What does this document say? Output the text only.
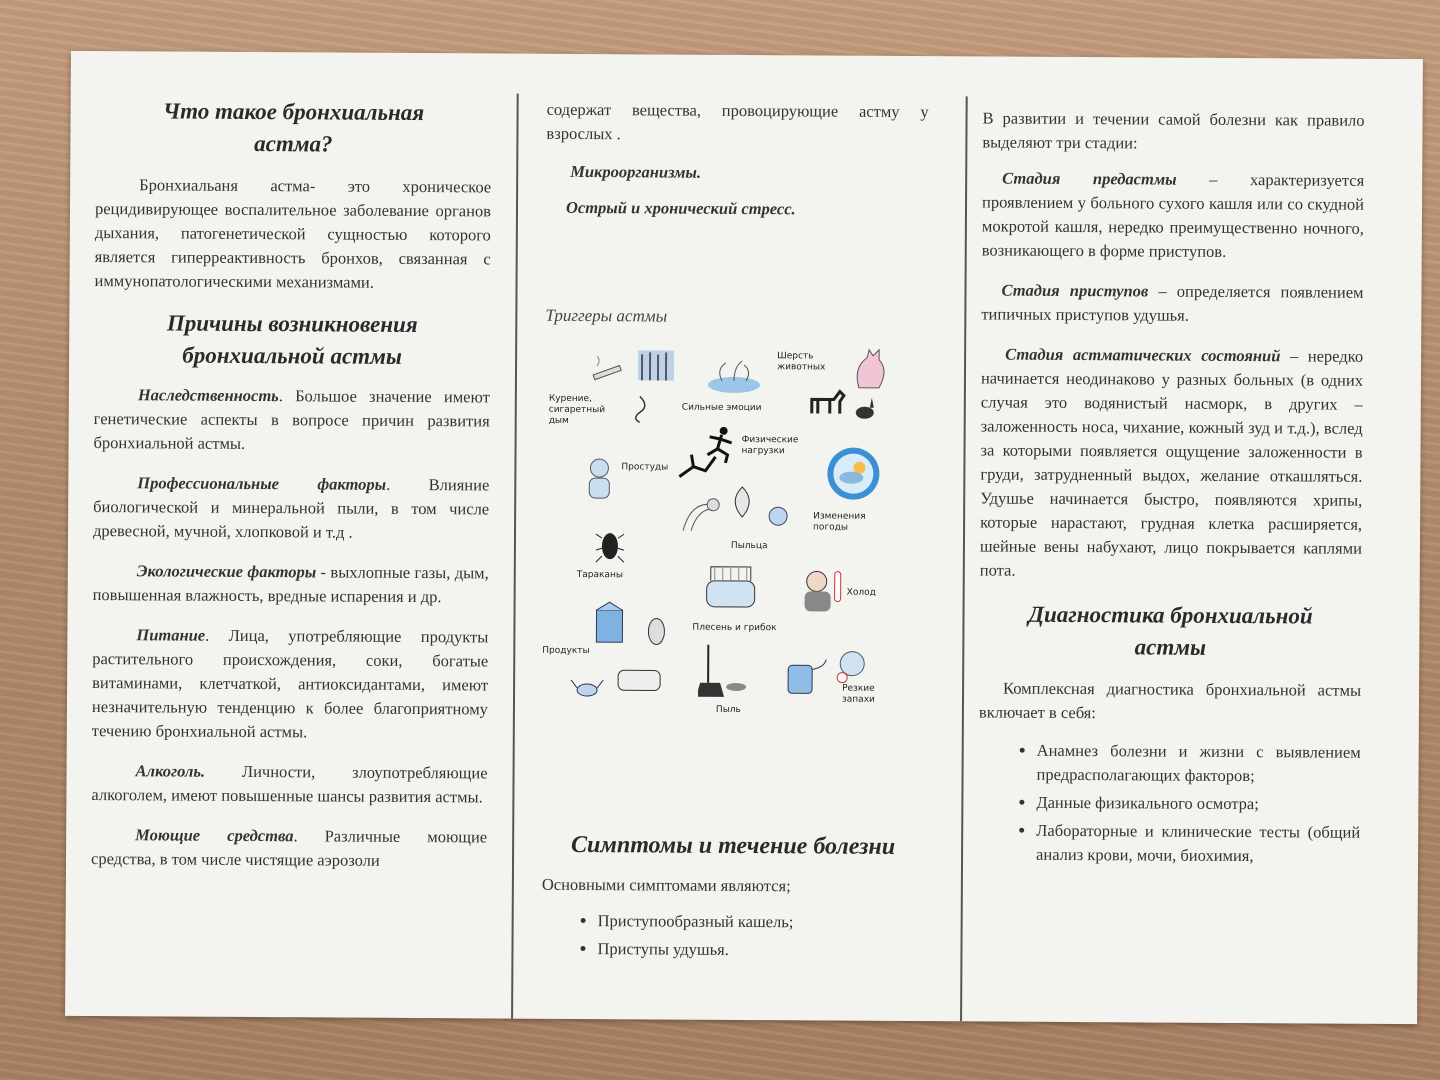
Что такое бронхиальная астма?

Бронхиальаня астма- это хроническое рецидивирующее воспалительное заболевание органов дыхания, патогенетической сущностью которого является гиперреактивность бронхов, связанная с иммунопатологическими механизмами.

Причины возникновения бронхиальной астмы

Наследственность. Большое значение имеют генетические аспекты в вопросе причин развития бронхиальной астмы.

Профессиональные факторы. Влияние биологической и минеральной пыли, в том числе древесной, мучной, хлопковой и т.д .

Экологические факторы - выхлопные газы, дым, повышенная влажность, вредные испарения и др.

Питание. Лица, употребляющие продукты растительного происхождения, соки, богатые витаминами, клетчаткой, антиоксидантами, имеют незначительную тенденцию к более благоприятному течению бронхиальной астмы.

Алкоголь. Личности, злоупотребляющие алкоголем, имеют повышенные шансы развития астмы.

Моющие средства. Различные моющие средства, в том числе чистящие аэрозоли

содержат вещества, провоцирующие астму у взрослых .

Микроорганизмы.

Острый и хронический стресс.

Триггеры астмы

Курение, сигаретный дым
Сильные эмоции
Шерсть животных
Физические нагрузки
Простуды
Изменения погоды
Пыльца
Тараканы
Плесень и грибок
Холод
Продукты
Пыль
Резкие запахи
Симптомы и течение болезни

Основными симптомами являются;

• Приступообразный кашель;
• Приступы удушья.

В развитии и течении самой болезни как правило выделяют три стадии:

Стадия предастмы – характеризуется проявлением у больного сухого кашля или со скудной мокротой кашля, нередко преимущественно ночного, возникающего в форме приступов.

Стадия приступов – определяется появлением типичных приступов удушья.

Стадия астматических состояний – нередко начинается неодинаково у разных больных (в одних случая это водянистый насморк, в других – заложенность носа, чихание, кожный зуд и т.д.), вслед за которыми появляется ощущение заложенности в груди, затрудненный выдох, желание откашляться. Удушье начинается быстро, появляются хрипы, которые нарастают, грудная клетка расширяется, шейные вены набухают, лицо покрывается каплями пота.

Диагностика бронхиальной астмы

Комплексная диагностика бронхиальной астмы включает в себя:

• Анамнез болезни и жизни с выявлением предрасполагающих факторов;
• Данные физикального осмотра;
• Лабораторные и клинические тесты (общий анализ крови, мочи, биохимия,
